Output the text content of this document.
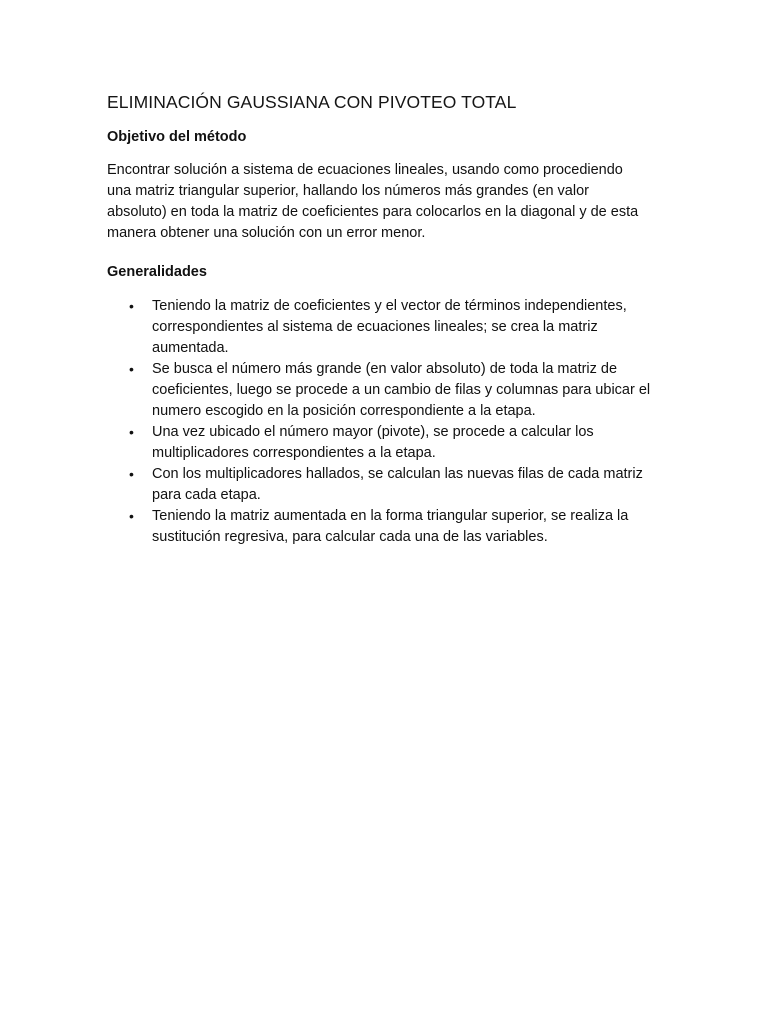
ELIMINACIÓN GAUSSIANA CON PIVOTEO TOTAL
Objetivo del método

Encontrar solución a sistema de ecuaciones lineales, usando como procediendo una matriz triangular superior, hallando los números más grandes (en valor absoluto) en toda la matriz de coeficientes para colocarlos en la diagonal y de esta manera obtener una solución con un error menor.

Generalidades
• Teniendo la matriz de coeficientes y el vector de términos independientes, correspondientes al sistema de ecuaciones lineales; se crea la matriz aumentada.
• Se busca el número más grande (en valor absoluto) de toda la matriz de coeficientes, luego se procede a un cambio de filas y columnas para ubicar el numero escogido en la posición correspondiente a la etapa.
• Una vez ubicado el número mayor (pivote), se procede a calcular los multiplicadores correspondientes a la etapa.
• Con los multiplicadores hallados, se calculan las nuevas filas de cada matriz para cada etapa.
• Teniendo la matriz aumentada en la forma triangular superior, se realiza la sustitución regresiva, para calcular cada una de las variables.
